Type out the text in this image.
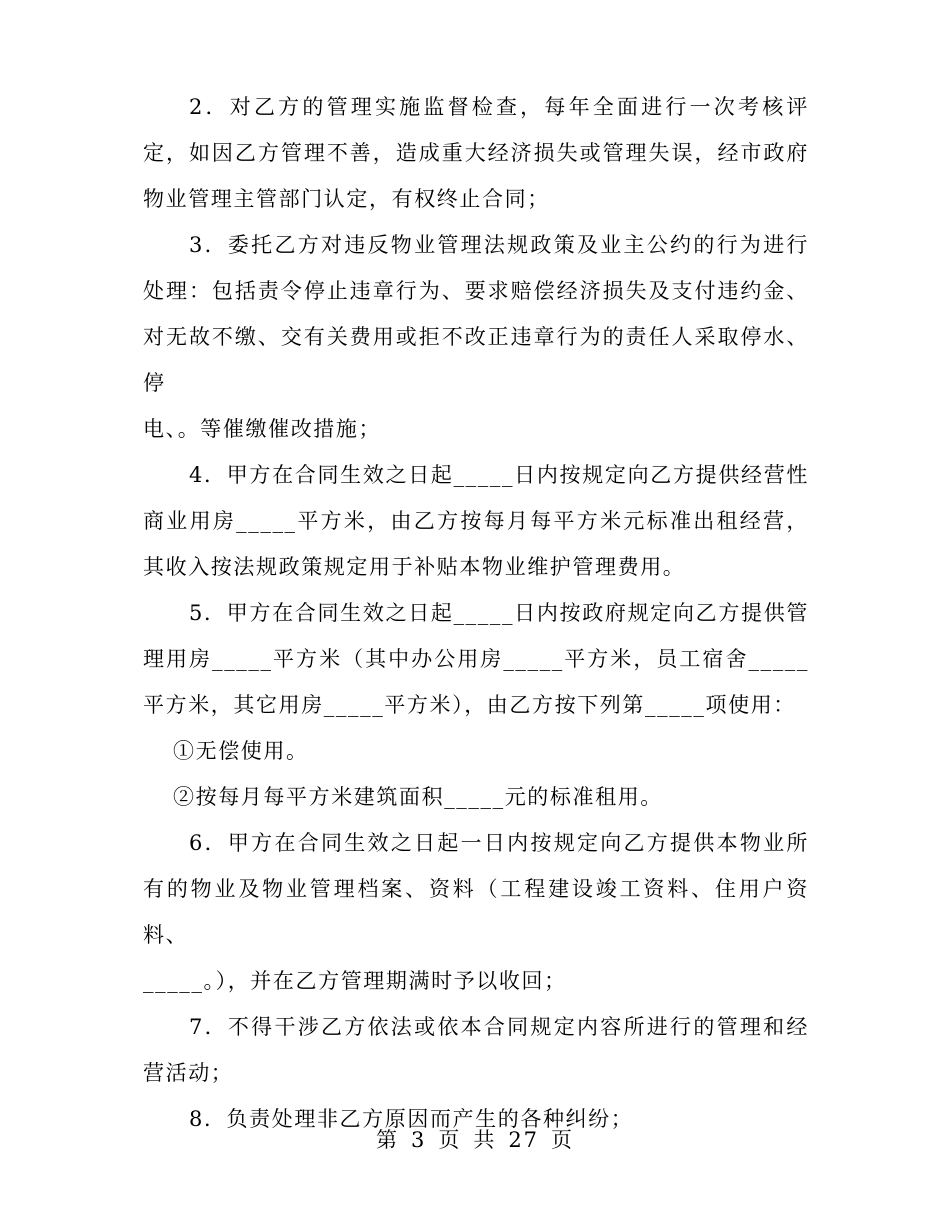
2．对乙方的管理实施监督检查，每年全面进行一次考核评定，如因乙方管理不善，造成重大经济损失或管理失误，经市政府物业管理主管部门认定，有权终止合同；

3．委托乙方对违反物业管理法规政策及业主公约的行为进行处理：包括责令停止违章行为、要求赔偿经济损失及支付违约金、对无故不缴、交有关费用或拒不改正违章行为的责任人采取停水、停

电、。等催缴催改措施；

4．甲方在合同生效之日起_____日内按规定向乙方提供经营性商业用房_____平方米，由乙方按每月每平方米元标准出租经营，其收入按法规政策规定用于补贴本物业维护管理费用。

5．甲方在合同生效之日起_____日内按政府规定向乙方提供管理用房_____平方米（其中办公用房_____平方米，员工宿舍_____平方米，其它用房_____平方米），由乙方按下列第_____项使用：

①无偿使用。

②按每月每平方米建筑面积_____元的标准租用。

6．甲方在合同生效之日起一日内按规定向乙方提供本物业所有的物业及物业管理档案、资料（工程建设竣工资料、住用户资料、

_____。），并在乙方管理期满时予以收回；

7．不得干涉乙方依法或依本合同规定内容所进行的管理和经营活动；

8．负责处理非乙方原因而产生的各种纠纷；

第 3 页 共 27 页
